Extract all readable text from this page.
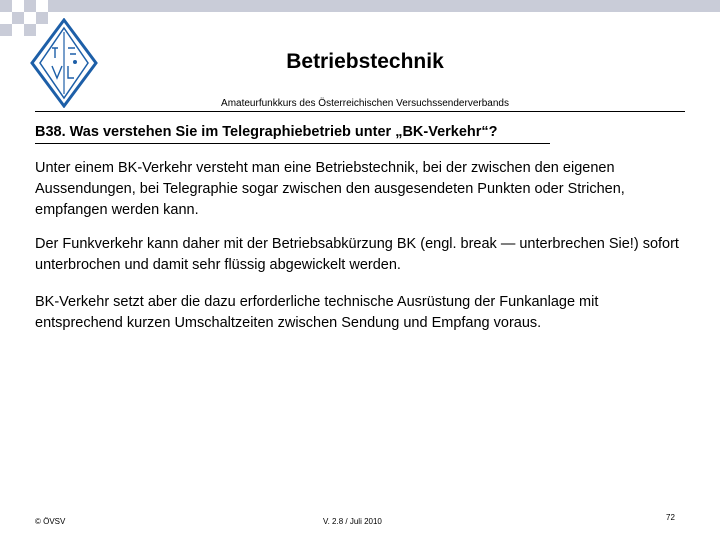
Betriebstechnik
Amateurfunkkurs des Österreichischen Versuchssenderverbands
B38. Was verstehen Sie im Telegraphiebetrieb unter „BK-Verkehr“?
Unter einem BK-Verkehr versteht man eine Betriebstechnik, bei der zwischen den eigenen Aussendungen, bei Telegraphie sogar zwischen den ausgesendeten Punkten oder Strichen, empfangen werden kann.
Der Funkverkehr kann daher mit der Betriebsabkürzung BK (engl. break — unterbrechen Sie!) sofort unterbrochen und damit sehr flüssig abgewickelt werden.
BK-Verkehr setzt aber die dazu erforderliche technische Ausrüstung der Funkanlage mit entsprechend kurzen Umschaltzeiten zwischen Sendung und Empfang voraus.
© ÖVSV	V. 2.8 / Juli 2010	72
